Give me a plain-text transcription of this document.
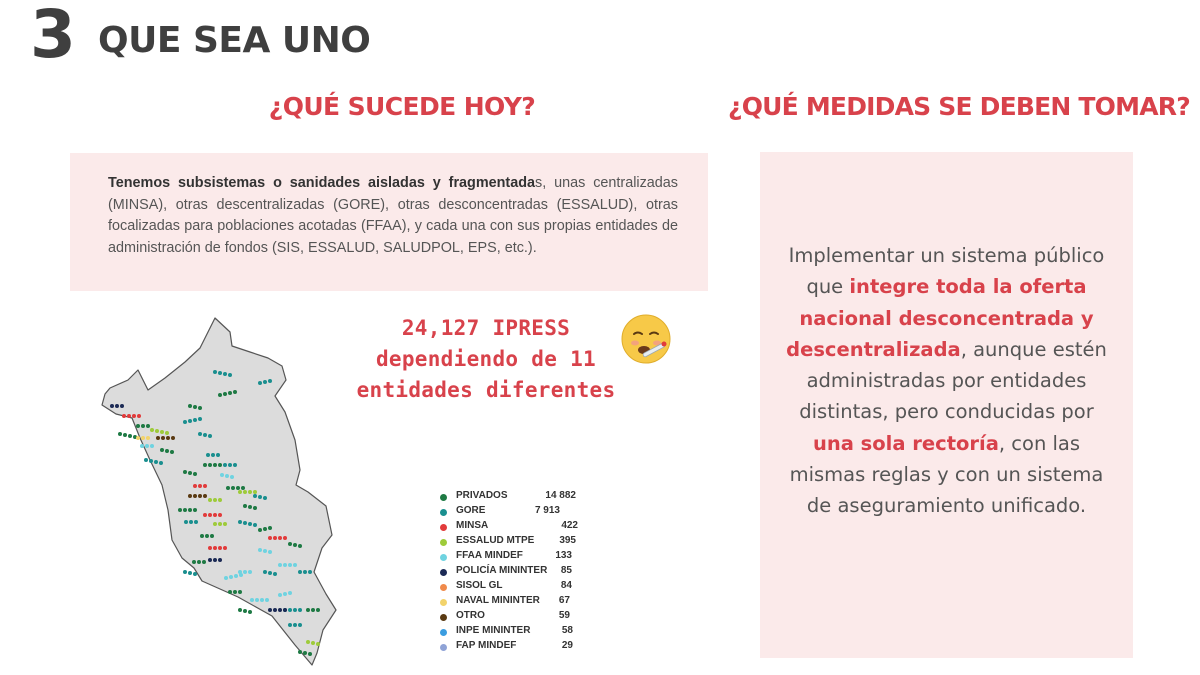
3 QUE SEA UNO
¿QUÉ SUCEDE HOY?	¿QUÉ MEDIDAS SE DEBEN TOMAR?

Tenemos subsistemas o sanidades aisladas y fragmentadas, unas centralizadas (MINSA), otras descentralizadas (GORE), otras desconcentradas (ESSALUD), otras focalizadas para poblaciones acotadas (FFAA), y cada una con sus propias entidades de administración de fondos (SIS, ESSALUD, SALUDPOL, EPS, etc.).	Implementar un sistema público que integre toda la oferta nacional desconcentrada y descentralizada, aunque estén administradas por entidades distintas, pero conducidas por una sola rectoría, con las mismas reglas y con un sistema de aseguramiento unificado.

24,127 IPRESS
dependiendo de 11
entidades diferentes
PRIVADOS	14 882
GORE	7 913
MINSA	422
ESSALUD MTPE 395
FFAA MINDEF	133
POLICÍA MININTER 85
SISOL GL	84
NAVAL MININTER 67
OTRO	59
INPE MININTER	58
FAP MINDEF	29
